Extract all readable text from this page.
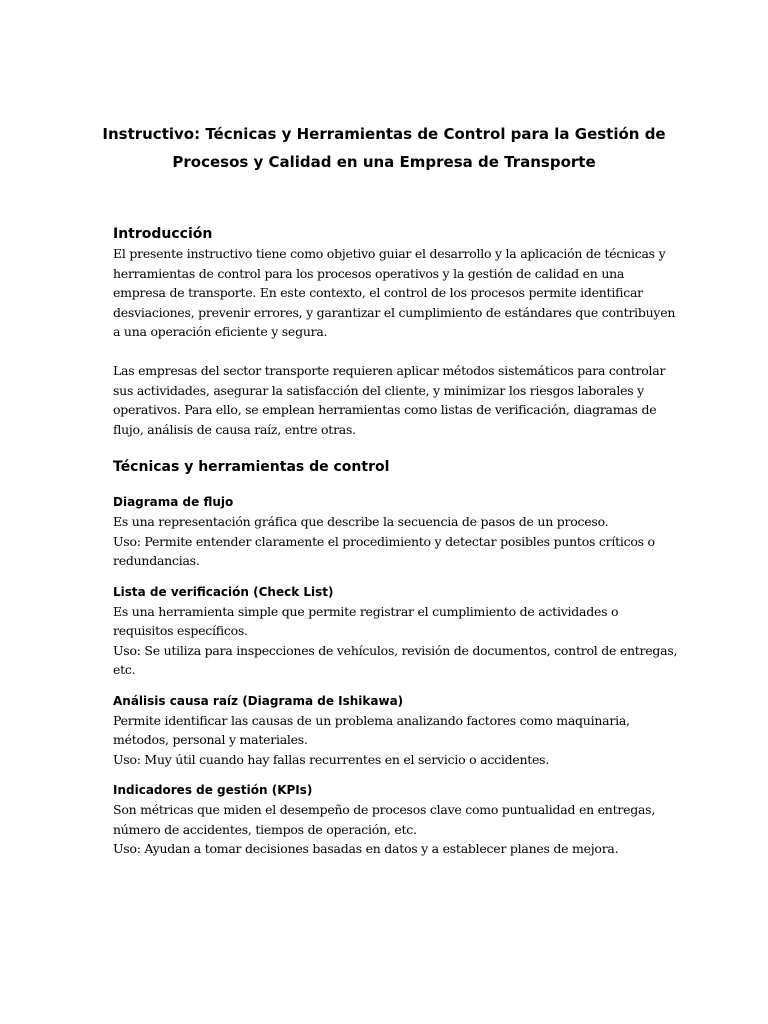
Instructivo: Técnicas y Herramientas de Control para la Gestión de
Procesos y Calidad en una Empresa de Transporte
Introducción

El presente instructivo tiene como objetivo guiar el desarrollo y la aplicación de técnicas y
herramientas de control para los procesos operativos y la gestión de calidad en una
empresa de transporte. En este contexto, el control de los procesos permite identificar
desviaciones, prevenir errores, y garantizar el cumplimiento de estándares que contribuyen
a una operación eficiente y segura.

Las empresas del sector transporte requieren aplicar métodos sistemáticos para controlar
sus actividades, asegurar la satisfacción del cliente, y minimizar los riesgos laborales y
operativos. Para ello, se emplean herramientas como listas de verificación, diagramas de
flujo, análisis de causa raíz, entre otras.

Técnicas y herramientas de control
Diagrama de flujo

Es una representación gráfica que describe la secuencia de pasos de un proceso.
Uso: Permite entender claramente el procedimiento y detectar posibles puntos críticos o
redundancias.

Lista de verificación (Check List)

Es una herramienta simple que permite registrar el cumplimiento de actividades o
requisitos específicos.
Uso: Se utiliza para inspecciones de vehículos, revisión de documentos, control de entregas,
etc.

Análisis causa raíz (Diagrama de Ishikawa)

Permite identificar las causas de un problema analizando factores como maquinaria,
métodos, personal y materiales.
Uso: Muy útil cuando hay fallas recurrentes en el servicio o accidentes.

Indicadores de gestión (KPIs)

Son métricas que miden el desempeño de procesos clave como puntualidad en entregas,
número de accidentes, tiempos de operación, etc.
Uso: Ayudan a tomar decisiones basadas en datos y a establecer planes de mejora.
